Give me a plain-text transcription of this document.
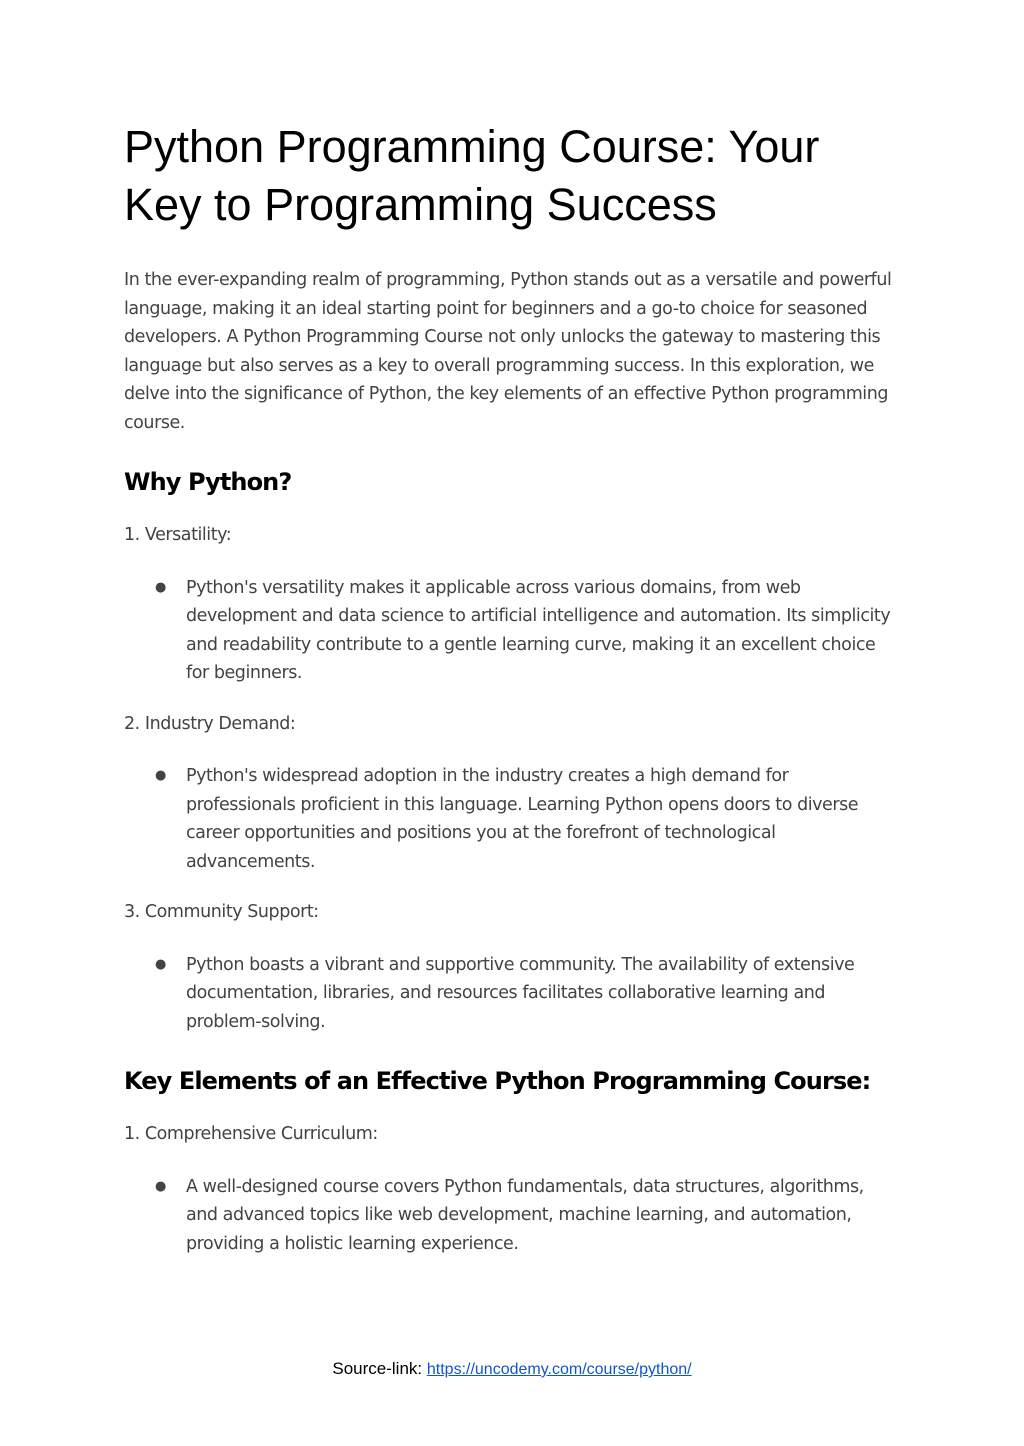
Python Programming Course: Your Key to Programming Success

In the ever-expanding realm of programming, Python stands out as a versatile and powerful language, making it an ideal starting point for beginners and a go-to choice for seasoned developers. A Python Programming Course not only unlocks the gateway to mastering this language but also serves as a key to overall programming success. In this exploration, we delve into the significance of Python, the key elements of an effective Python programming course.

Why Python?
1. Versatility:
● Python's versatility makes it applicable across various domains, from web development and data science to artificial intelligence and automation. Its simplicity and readability contribute to a gentle learning curve, making it an excellent choice for beginners.
2. Industry Demand:
● Python's widespread adoption in the industry creates a high demand for professionals proficient in this language. Learning Python opens doors to diverse career opportunities and positions you at the forefront of technological advancements.
3. Community Support:
● Python boasts a vibrant and supportive community. The availability of extensive documentation, libraries, and resources facilitates collaborative learning and problem-solving.
Key Elements of an Effective Python Programming Course:
1. Comprehensive Curriculum:
● A well-designed course covers Python fundamentals, data structures, algorithms, and advanced topics like web development, machine learning, and automation, providing a holistic learning experience.
Source-link: https://uncodemy.com/course/python/
